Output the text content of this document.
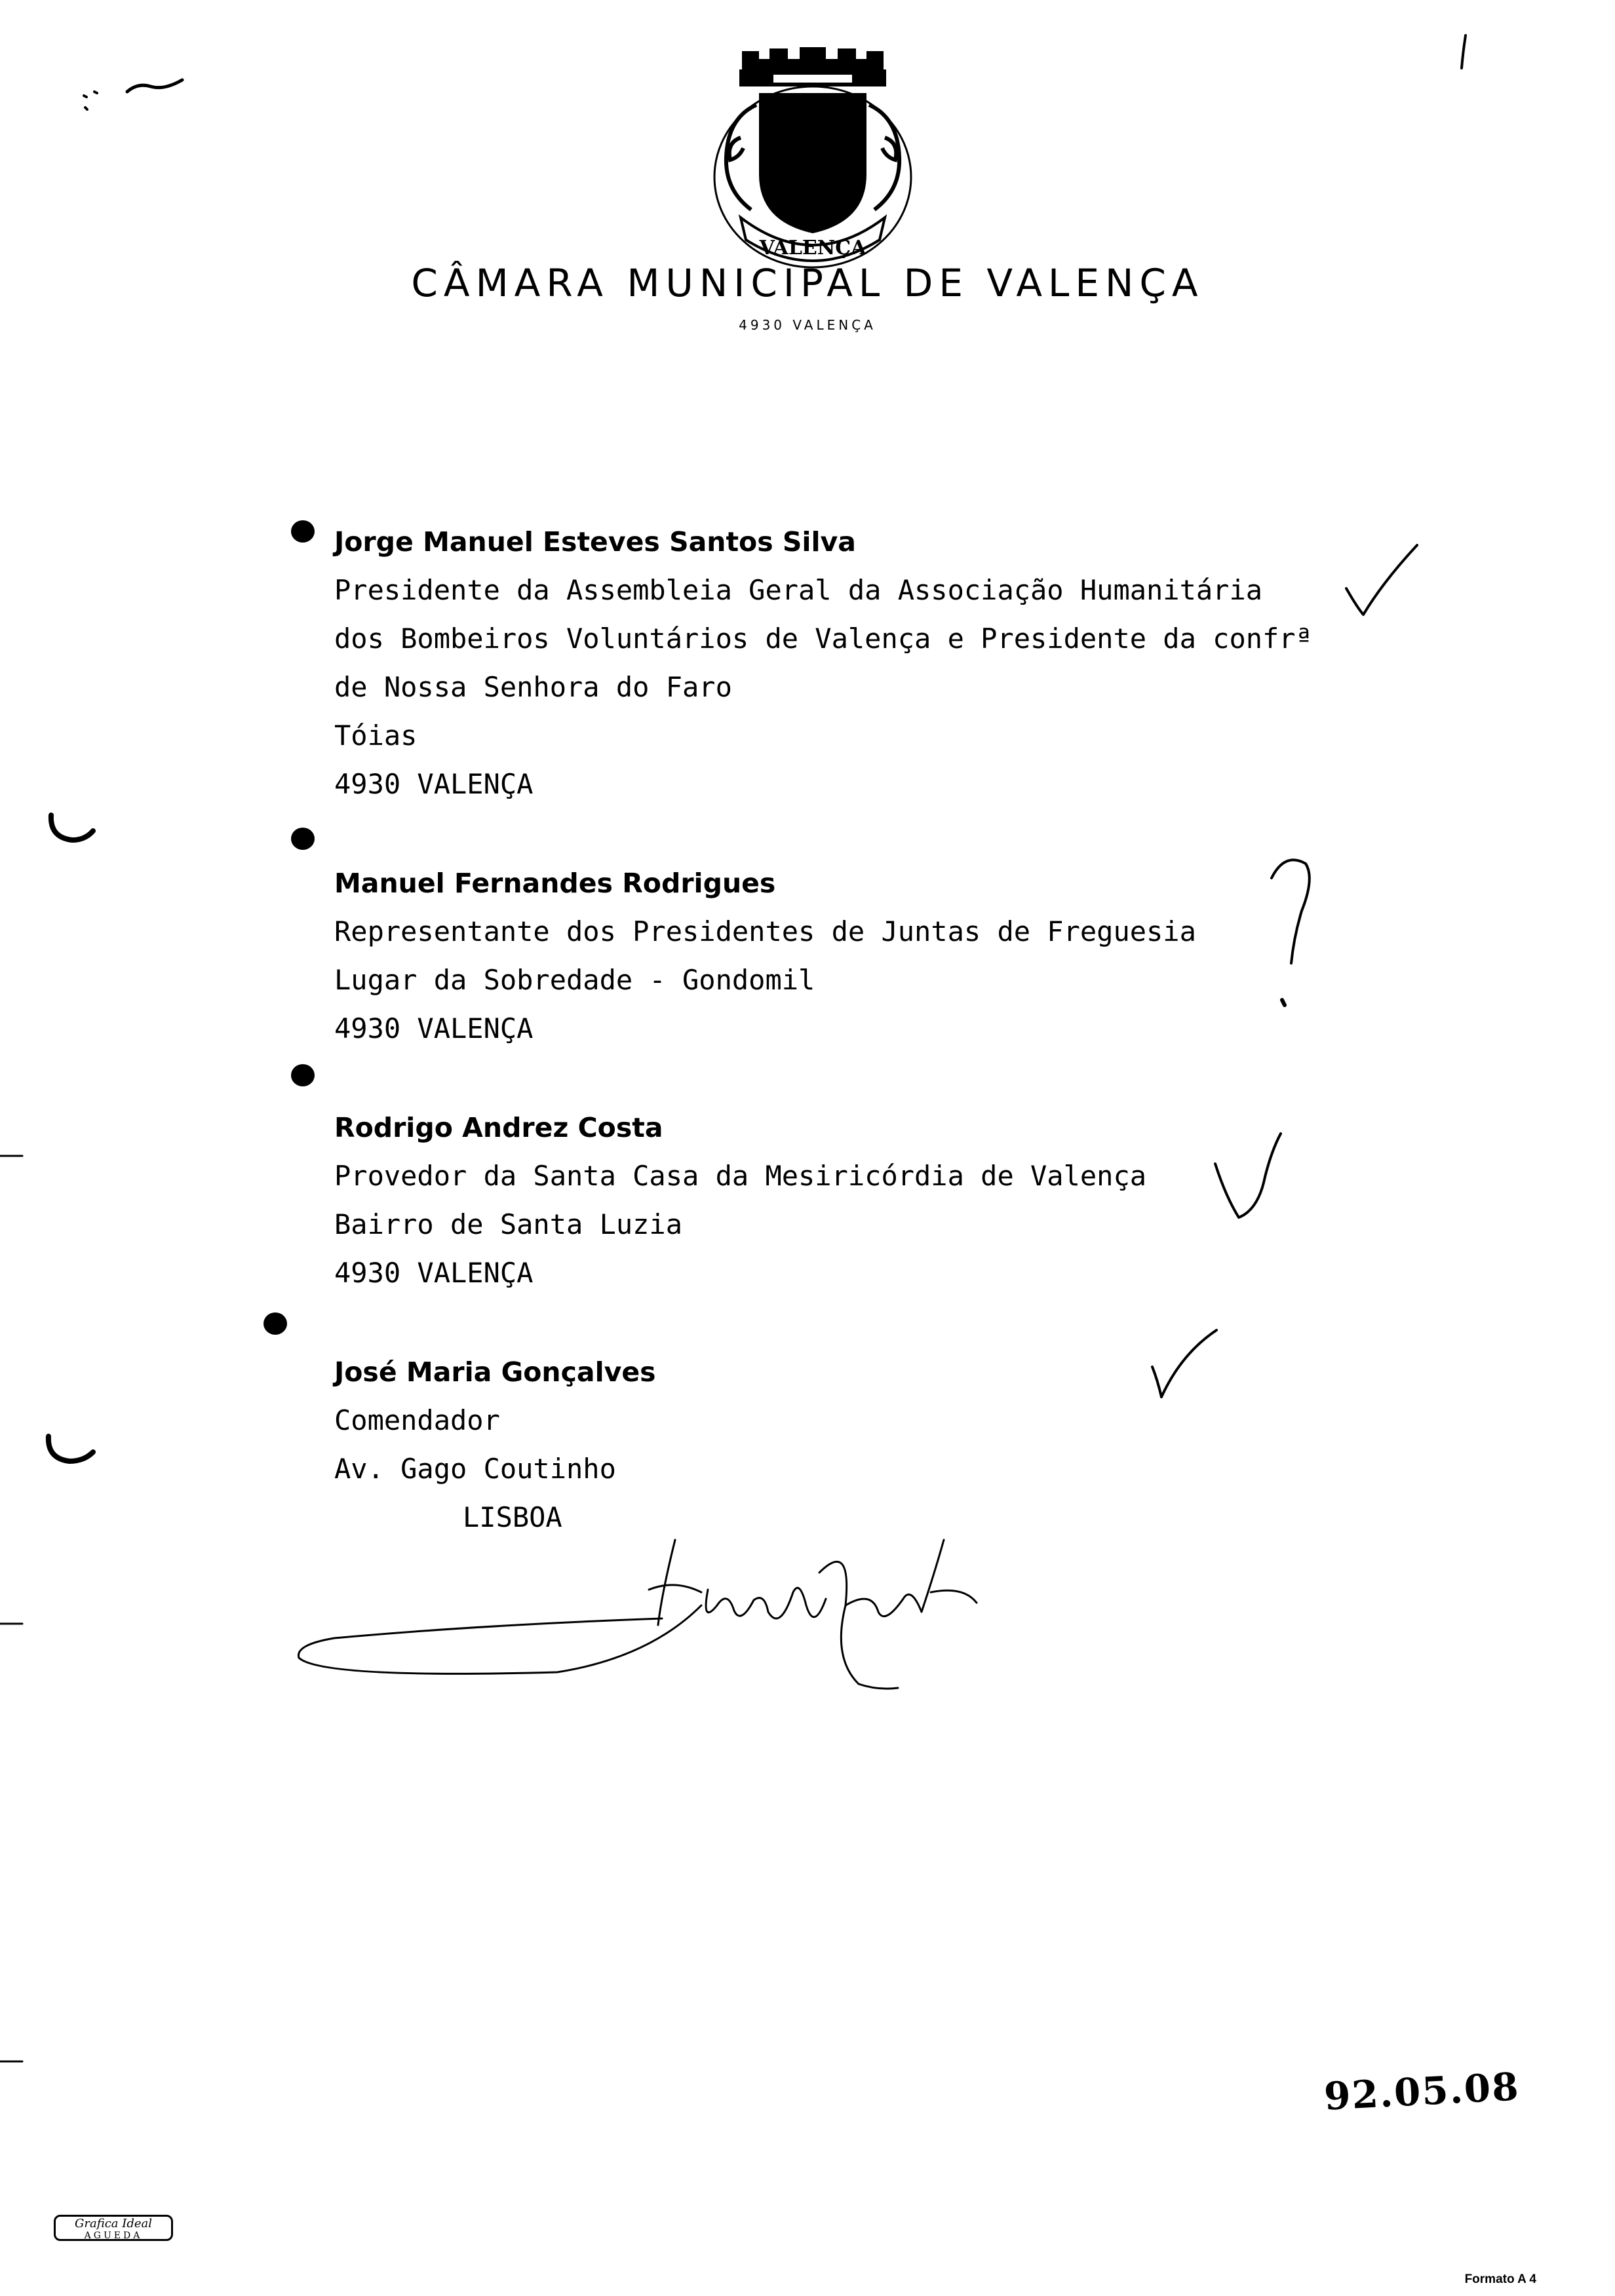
VALENÇA
CÂMARA MUNICIPAL DE VALENÇA
4930 VALENÇA
Jorge Manuel Esteves Santos Silva
Presidente da Assembleia Geral da Associação Humanitária
dos Bombeiros Voluntários de Valença e Presidente da confrª
de Nossa Senhora do Faro
Tóias
4930 VALENÇA
Manuel Fernandes Rodrigues
Representante dos Presidentes de Juntas de Freguesia
Lugar da Sobredade - Gondomil
4930 VALENÇA
Rodrigo Andrez Costa
Provedor da Santa Casa da Mesiricórdia de Valença
Bairro de Santa Luzia
4930 VALENÇA
José Maria Gonçalves
Comendador
Av. Gago Coutinho
LISBOA
92.05.08
Grafica Ideal
AGUEDA
Formato A 4
